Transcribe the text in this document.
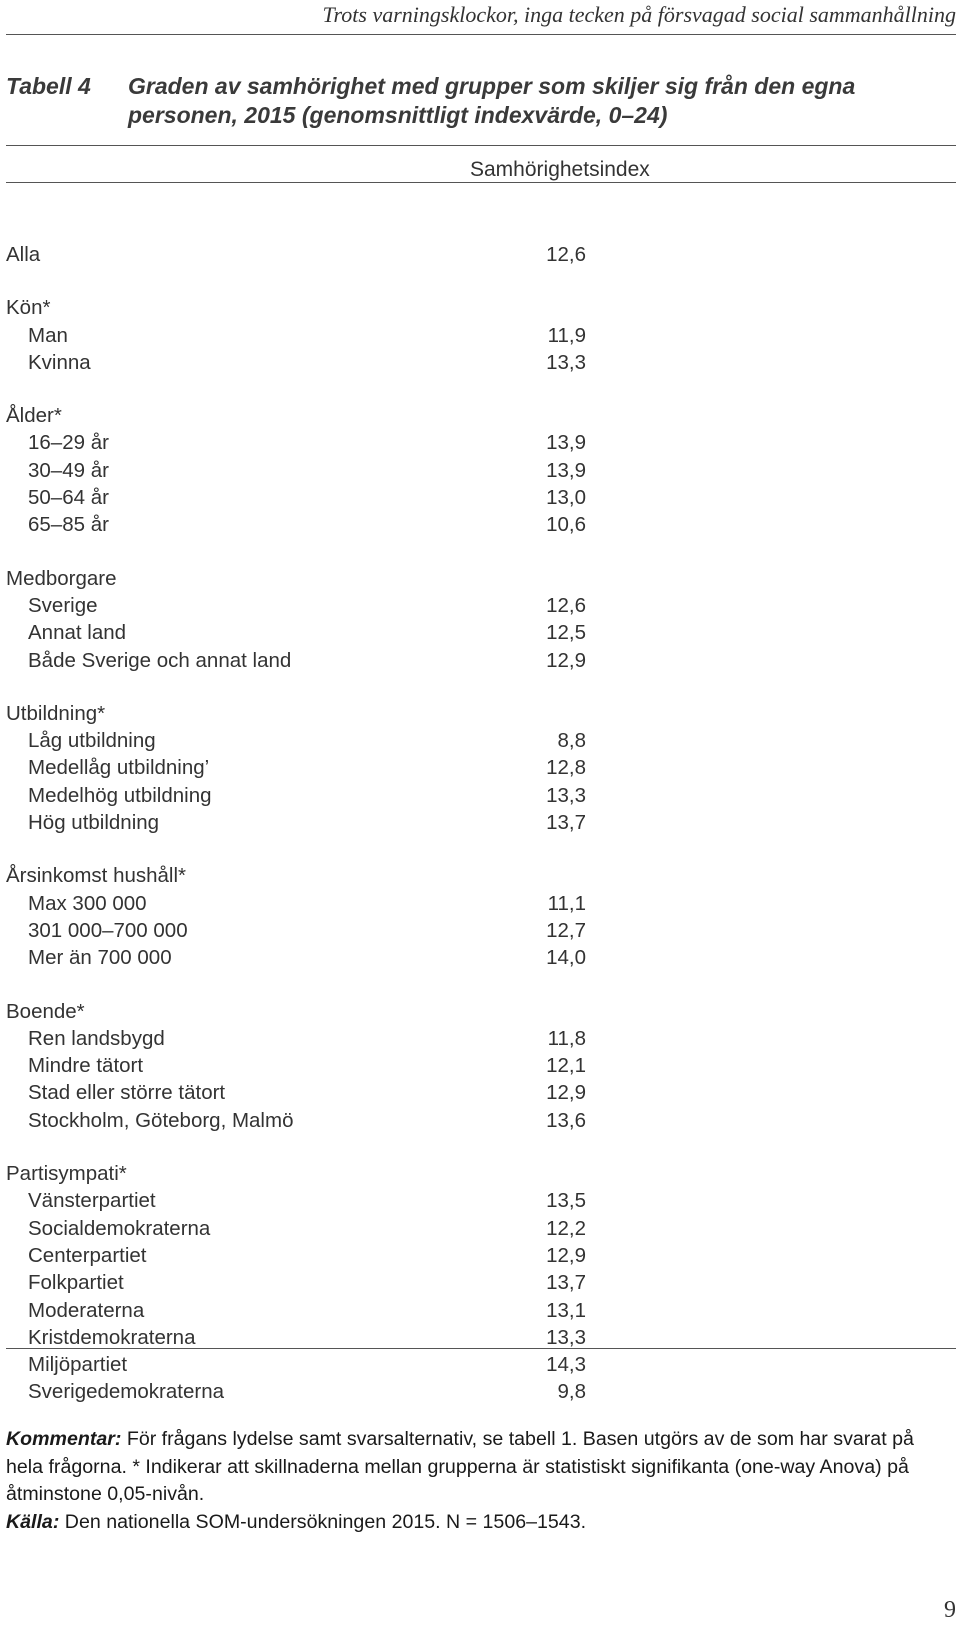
Trots varningsklockor, inga tecken på försvagad social sammanhållning
Tabell 4	Graden av samhörighet med grupper som skiljer sig från den egna
personen, 2015 (genomsnittligt indexvärde, 0–24)
Samhörighetsindex
Alla	12,6
Kön*
Man	11,9
Kvinna	13,3
Ålder*
16–29 år	13,9
30–49 år	13,9
50–64 år	13,0
65–85 år	10,6
Medborgare
Sverige	12,6
Annat land	12,5
Både Sverige och annat land	12,9
Utbildning*
Låg utbildning	8,8
Medellåg utbildning’	12,8
Medelhög utbildning	13,3
Hög utbildning	13,7
Årsinkomst hushåll*
Max 300 000	11,1
301 000–700 000	12,7
Mer än 700 000	14,0
Boende*
Ren landsbygd	11,8
Mindre tätort	12,1
Stad eller större tätort	12,9
Stockholm, Göteborg, Malmö	13,6
Partisympati*
Vänsterpartiet	13,5
Socialdemokraterna	12,2
Centerpartiet	12,9
Folkpartiet	13,7
Moderaterna	13,1
Kristdemokraterna	13,3
Miljöpartiet	14,3
Sverigedemokraterna	9,8

Kommentar: För frågans lydelse samt svarsalternativ, se tabell 1. Basen utgörs av de som har svarat på hela frågorna. * Indikerar att skillnaderna mellan grupperna är statistiskt signifikanta (one-way Anova) på åtminstone 0,05-nivån.

Källa: Den nationella SOM-undersökningen 2015. N = 1506–1543.

9
